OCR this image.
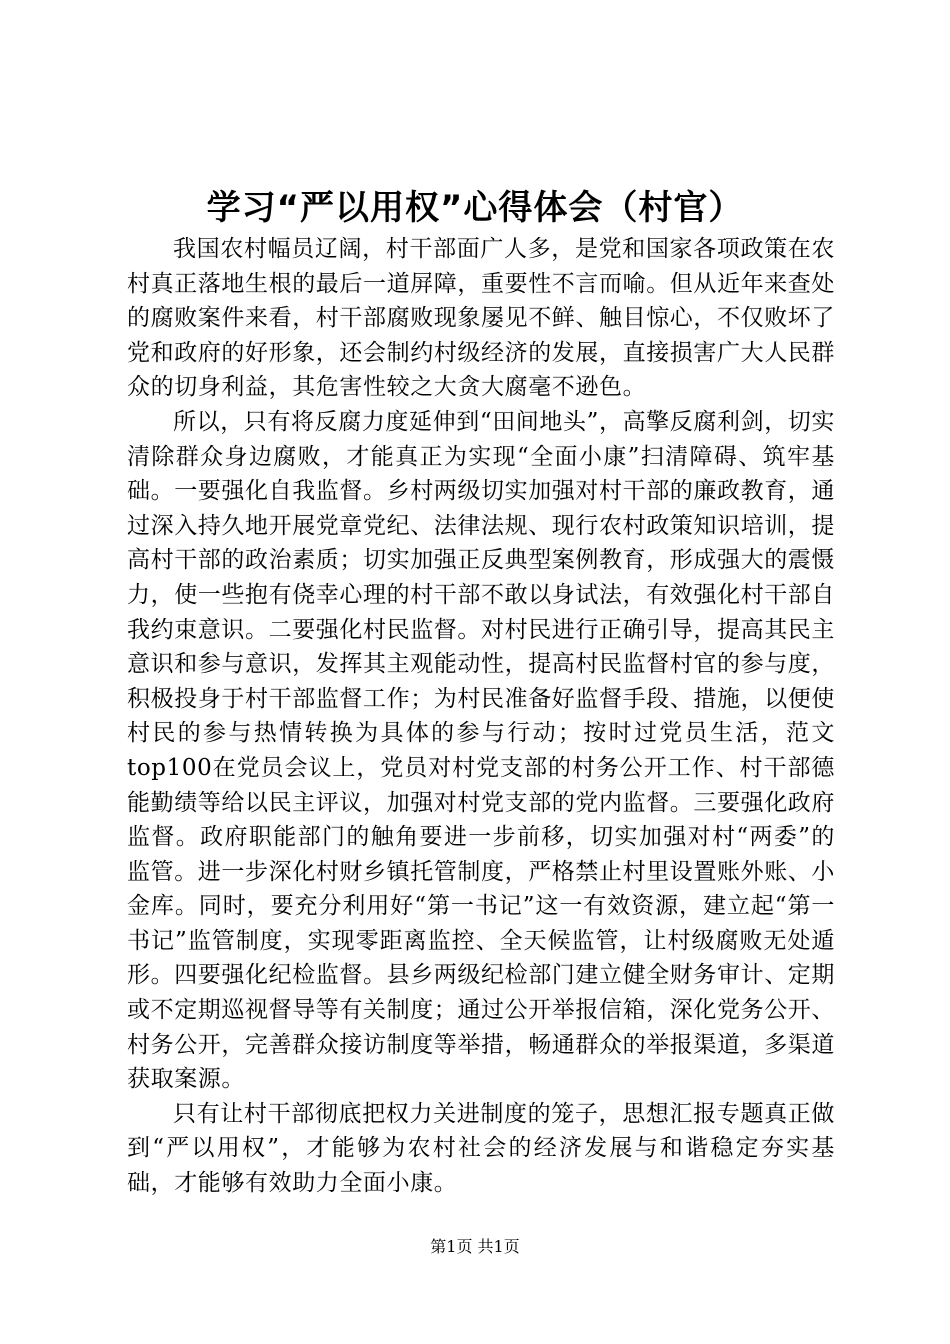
学习“严以用权”心得体会（村官）

我国农村幅员辽阔，村干部面广人多，是党和国家各项政策在农村真正落地生根的最后一道屏障，重要性不言而喻。但从近年来查处的腐败案件来看，村干部腐败现象屡见不鲜、触目惊心，不仅败坏了党和政府的好形象，还会制约村级经济的发展，直接损害广大人民群众的切身利益，其危害性较之大贪大腐毫不逊色。

所以，只有将反腐力度延伸到“田间地头”，高擎反腐利剑，切实清除群众身边腐败，才能真正为实现“全面小康”扫清障碍、筑牢基础。一要强化自我监督。乡村两级切实加强对村干部的廉政教育，通过深入持久地开展党章党纪、法律法规、现行农村政策知识培训，提高村干部的政治素质；切实加强正反典型案例教育，形成强大的震慑力，使一些抱有侥幸心理的村干部不敢以身试法，有效强化村干部自我约束意识。二要强化村民监督。对村民进行正确引导，提高其民主意识和参与意识，发挥其主观能动性，提高村民监督村官的参与度，积极投身于村干部监督工作；为村民准备好监督手段、措施，以便使村民的参与热情转换为具体的参与行动；按时过党员生活，范文top100在党员会议上，党员对村党支部的村务公开工作、村干部德能勤绩等给以民主评议，加强对村党支部的党内监督。三要强化政府监督。政府职能部门的触角要进一步前移，切实加强对村“两委”的监管。进一步深化村财乡镇托管制度，严格禁止村里设置账外账、小金库。同时，要充分利用好“第一书记”这一有效资源，建立起“第一书记”监管制度，实现零距离监控、全天候监管，让村级腐败无处遁形。四要强化纪检监督。县乡两级纪检部门建立健全财务审计、定期或不定期巡视督导等有关制度；通过公开举报信箱，深化党务公开、村务公开，完善群众接访制度等举措，畅通群众的举报渠道，多渠道获取案源。

只有让村干部彻底把权力关进制度的笼子，思想汇报专题真正做到“严以用权”，才能够为农村社会的经济发展与和谐稳定夯实基础，才能够有效助力全面小康。

第1页 共1页
